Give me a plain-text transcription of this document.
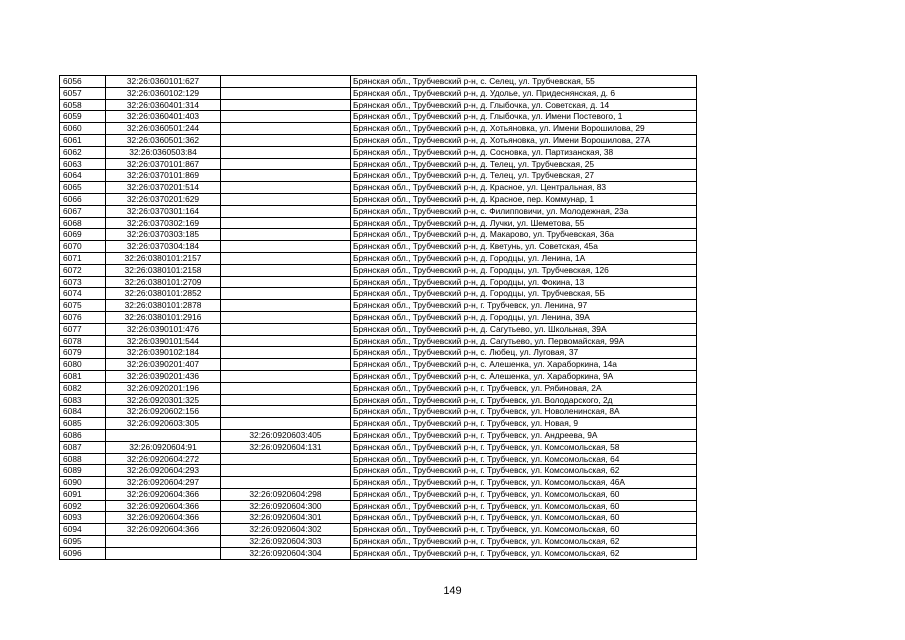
6056	32:26:0360101:627		Брянская обл., Трубчевский р-н, с. Селец, ул. Трубчевская, 55
6057	32:26:0360102:129		Брянская обл., Трубчевский р-н, д. Удолье, ул. Придеснянская, д. 6
6058	32:26:0360401:314		Брянская обл., Трубчевский р-н, д. Глыбочка, ул. Советская, д. 14
6059	32:26:0360401:403		Брянская обл., Трубчевский р-н, д. Глыбочка, ул. Имени Постевого, 1
6060	32:26:0360501:244		Брянская обл., Трубчевский р-н, д. Хотьяновка, ул. Имени Ворошилова, 29
6061	32:26:0360501:362		Брянская обл., Трубчевский р-н, д. Хотьяновка, ул. Имени Ворошилова, 27А
6062	32:26:0360503:84		Брянская обл., Трубчевский р-н, д. Сосновка, ул. Партизанская, 38
6063	32:26:0370101:867		Брянская обл., Трубчевский р-н, д. Телец, ул. Трубчевская, 25
6064	32:26:0370101:869		Брянская обл., Трубчевский р-н, д. Телец, ул. Трубчевская, 27
6065	32:26:0370201:514		Брянская обл., Трубчевский р-н, д. Красное, ул. Центральная, 83
6066	32:26:0370201:629		Брянская обл., Трубчевский р-н, д. Красное, пер. Коммунар, 1
6067	32:26:0370301:164		Брянская обл., Трубчевский р-н, с. Филипповичи, ул. Молодежная, 23а
6068	32:26:0370302:169		Брянская обл., Трубчевский р-н, д. Лучки, ул. Шеметова, 55
6069	32:26:0370303:185		Брянская обл., Трубчевский р-н, д. Макарово, ул. Трубчевская, 36а
6070	32:26:0370304:184		Брянская обл., Трубчевский р-н, д. Кветунь, ул. Советская, 45а
6071	32:26:0380101:2157		Брянская обл., Трубчевский р-н, д. Городцы, ул. Ленина, 1А
6072	32:26:0380101:2158		Брянская обл., Трубчевский р-н, д. Городцы, ул. Трубчевская, 126
6073	32:26:0380101:2709		Брянская обл., Трубчевский р-н, д. Городцы, ул. Фокина, 13
6074	32:26:0380101:2852		Брянская обл., Трубчевский р-н, д. Городцы, ул. Трубчевская, 5Б
6075	32:26:0380101:2878		Брянская обл., Трубчевский р-н, г. Трубчевск, ул. Ленина, 97
6076	32:26:0380101:2916		Брянская обл., Трубчевский р-н, д. Городцы, ул. Ленина, 39А
6077	32:26:0390101:476		Брянская обл., Трубчевский р-н, д. Сагутьево, ул. Школьная, 39А
6078	32:26:0390101:544		Брянская обл., Трубчевский р-н, д. Сагутьево, ул. Первомайская, 99А
6079	32:26:0390102:184		Брянская обл., Трубчевский р-н, с. Любец, ул. Луговая, 37
6080	32:26:0390201:407		Брянская обл., Трубчевский р-н, с. Алешенка, ул. Хараборкина, 14а
6081	32:26:0390201:436		Брянская обл., Трубчевский р-н, с. Алешенка, ул. Хараборкина, 9А
6082	32:26:0920201:196		Брянская обл., Трубчевский р-н, г. Трубчевск, ул. Рябиновая, 2А
6083	32:26:0920301:325		Брянская обл., Трубчевский р-н, г. Трубчевск, ул. Володарского, 2д
6084	32:26:0920602:156		Брянская обл., Трубчевский р-н, г. Трубчевск, ул. Новоленинская, 8А
6085	32:26:0920603:305		Брянская обл., Трубчевский р-н, г. Трубчевск, ул. Новая, 9
6086		32:26:0920603:405	Брянская обл., Трубчевский р-н, г. Трубчевск, ул. Андреева, 9А
6087	32:26:0920604:91	32:26:0920604:131	Брянская обл., Трубчевский р-н, г. Трубчевск, ул. Комсомольская, 58
6088	32:26:0920604:272		Брянская обл., Трубчевский р-н, г. Трубчевск, ул. Комсомольская, 64
6089	32:26:0920604:293		Брянская обл., Трубчевский р-н, г. Трубчевск, ул. Комсомольская, 62
6090	32:26:0920604:297		Брянская обл., Трубчевский р-н, г. Трубчевск, ул. Комсомольская, 46А
6091	32:26:0920604:366	32:26:0920604:298	Брянская обл., Трубчевский р-н, г. Трубчевск, ул. Комсомольская, 60
6092	32:26:0920604:366	32:26:0920604:300	Брянская обл., Трубчевский р-н, г. Трубчевск, ул. Комсомольская, 60
6093	32:26:0920604:366	32:26:0920604:301	Брянская обл., Трубчевский р-н, г. Трубчевск, ул. Комсомольская, 60
6094	32:26:0920604:366	32:26:0920604:302	Брянская обл., Трубчевский р-н, г. Трубчевск, ул. Комсомольская, 60
6095		32:26:0920604:303	Брянская обл., Трубчевский р-н, г. Трубчевск, ул. Комсомольская, 62
6096		32:26:0920604:304	Брянская обл., Трубчевский р-н, г. Трубчевск, ул. Комсомольская, 62
149
